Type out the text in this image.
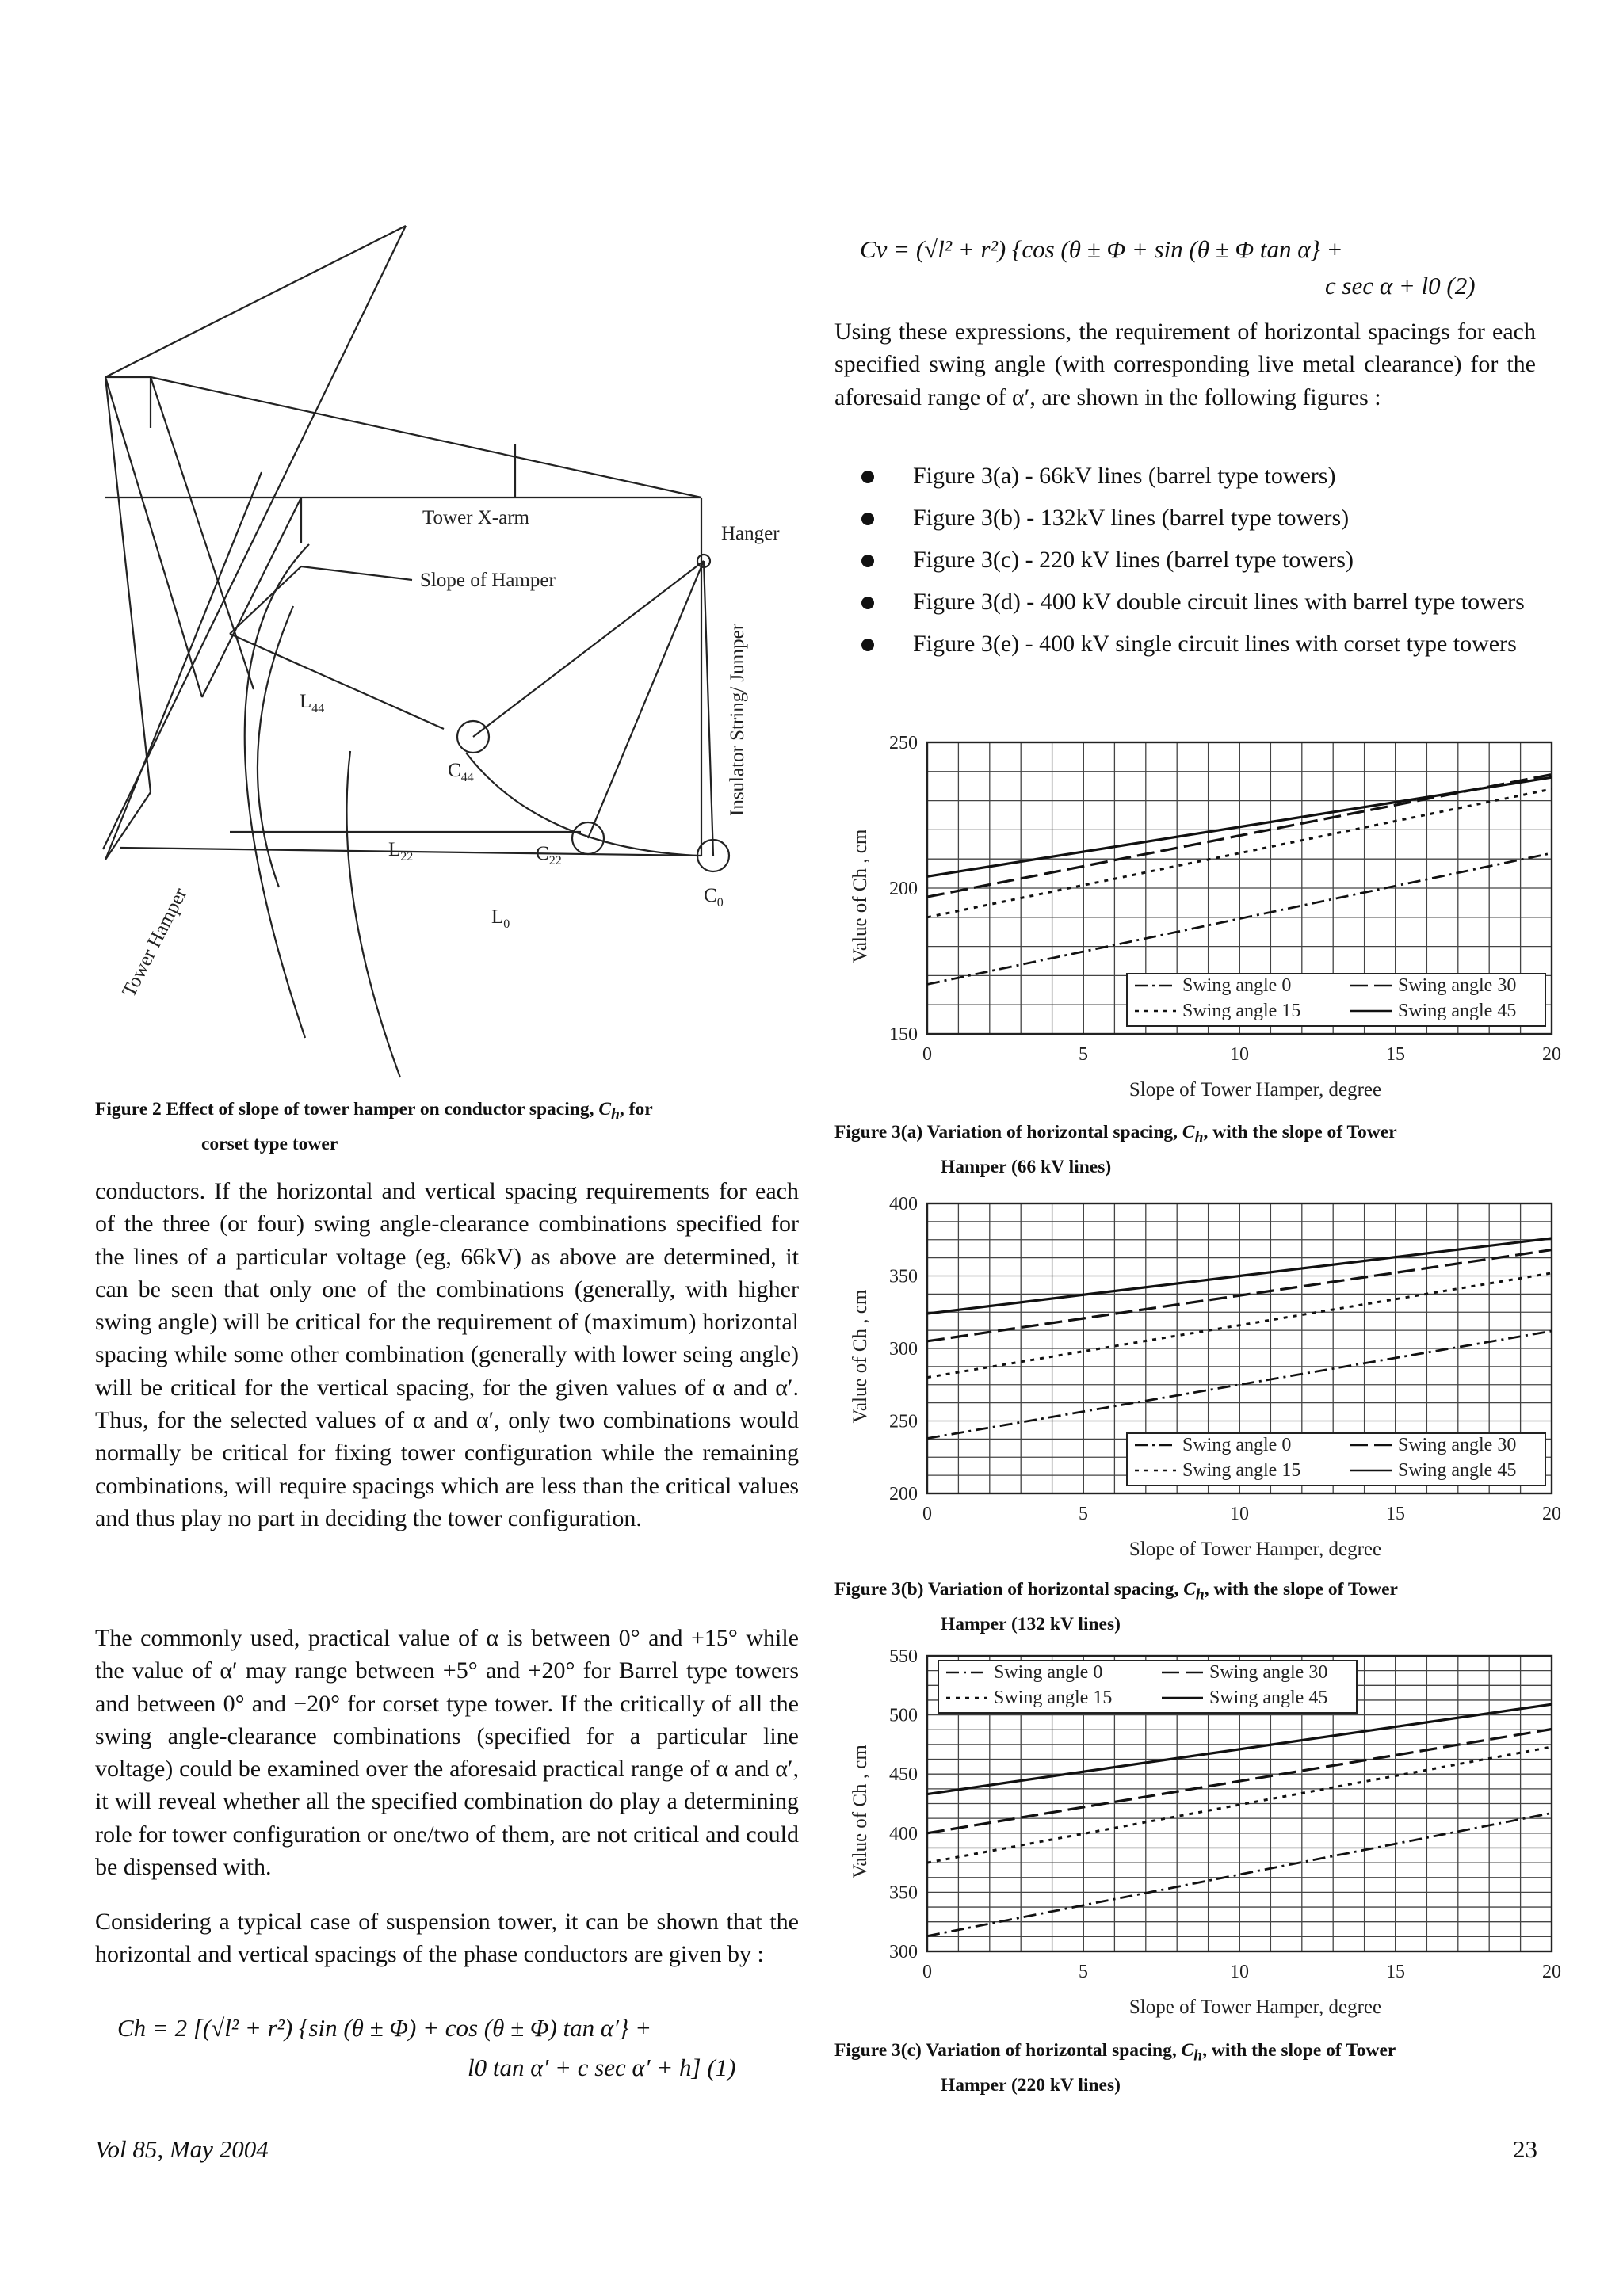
Tower X-arm
Slope of Hamper
Hanger
Insulator String/ Jumper
Tower Hamper
$L_{44}$
$C_{44}$
$L_{22}$	$C_{22}$
$L_0$
$C_0$

Figure 2 Effect of slope of tower hamper on conductor spacing, $C_h$, for
corset type tower

conductors. If the horizontal and vertical spacing requirements for each of the three (or four) swing angle-clearance combinations specified for the lines of a particular voltage (eg, 66kV) as above are determined, it can be seen that only one of the combinations (generally, with higher swing angle) will be critical for the requirement of (maximum) horizontal spacing while some other combination (generally with lower seing angle) will be critical for the vertical spacing, for the given values of α and α′. Thus, for the selected values of α and α′, only two combinations would normally be critical for fixing tower configuration while the remaining combinations, will require spacings which are less than the critical values and thus play no part in deciding the tower configuration.

The commonly used, practical value of α is between 0° and +15° while the value of α′ may range between +5° and +20° for Barrel type towers and between 0° and −20° for corset type tower. If the critically of all the swing angle-clearance combinations (specified for a particular line voltage) could be examined over the aforesaid practical range of α and α′, it will reveal whether all the specified combination do play a determining role for tower configuration or one/two of them, are not critical and could be dispensed with.

Considering a typical case of suspension tower, it can be shown that the horizontal and vertical spacings of the phase conductors are given by :

Ch = 2 [(√l² + r²) {sin (θ ± Φ) + cos (θ ± Φ) tan α′} +
l0 tan α′ + c sec α′ + h] (1)
Cv = (√l² + r²) {cos (θ ± Φ + sin (θ ± Φ tan α} +
c sec α + l0 (2)

Using these expressions, the requirement of horizontal spacings for each specified swing angle (with corresponding live metal clearance) for the aforesaid range of α′, are shown in the following figures :

Figure 3(a) - 66kV lines (barrel type towers)
Figure 3(b) - 132kV lines (barrel type towers)
Figure 3(c) - 220 kV lines (barrel type towers)
Figure 3(d) - 400 kV double circuit lines with barrel type towers
Figure 3(e) - 400 kV single circuit lines with corset type towers
150
200
250
0	5	10	15	20
Slope of Tower Hamper, degree
Value of Ch , cm
Swing angle 0	Swing angle 30
Swing angle 15	Swing angle 45

Figure 3(a) Variation of horizontal spacing, $C_h$, with the slope of Tower
Hamper (66 kV lines)

200
250
300
350
400
0	5	10	15	20
Slope of Tower Hamper, degree
Value of Ch , cm
Swing angle 0	Swing angle 30
Swing angle 15	Swing angle 45

Figure 3(b) Variation of horizontal spacing, $C_h$, with the slope of Tower
Hamper (132 kV lines)

300
350
400
450
500
550
0	5	10	15	20
Slope of Tower Hamper, degree
Value of Ch , cm
Swing angle 0	Swing angle 30
Swing angle 15	Swing angle 45

Figure 3(c) Variation of horizontal spacing, $C_h$, with the slope of Tower
Hamper (220 kV lines)

Vol 85, May 2004	23
